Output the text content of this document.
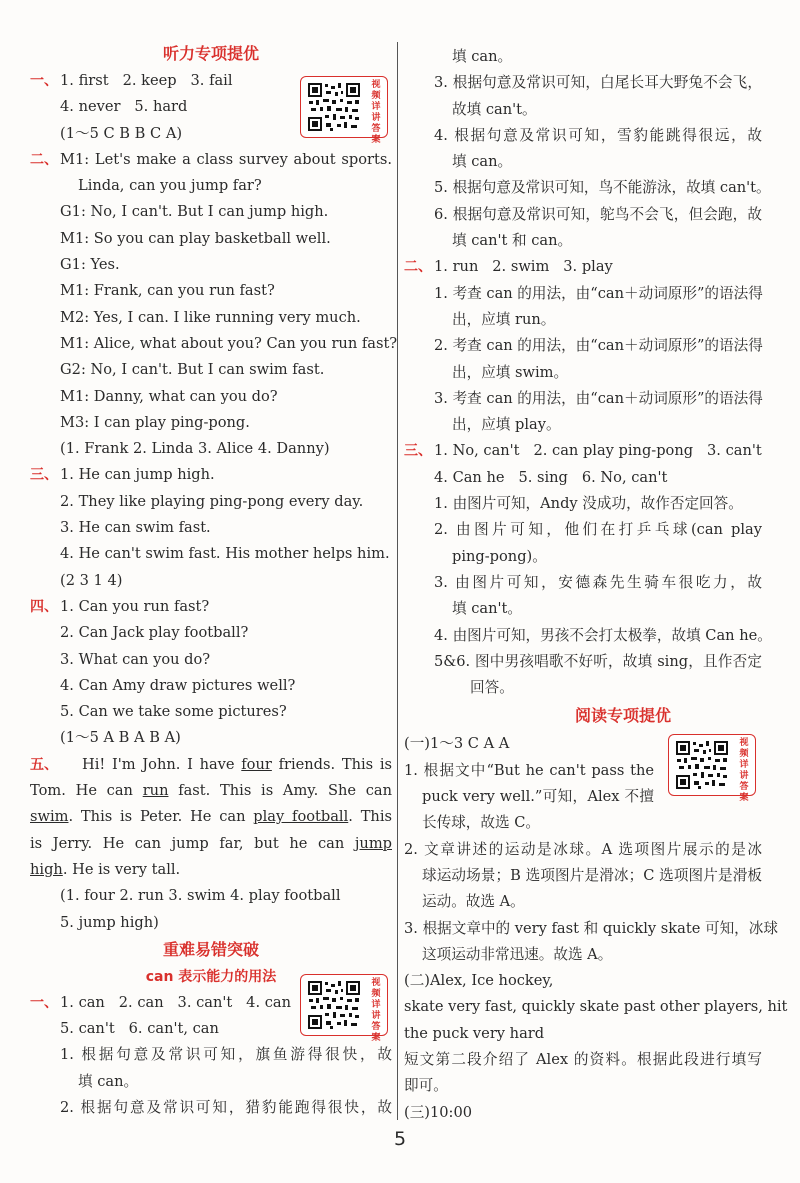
听力专项提优
视频详讲答案
一、 1. first 2. keep 3. fail
4. never 5. hard
(1～5 C B B C A)
二、 M1: Let's make a class survey about sports.
Linda, can you jump far?
G1: No, I can't. But I can jump high.
M1: So you can play basketball well.
G1: Yes.
M1: Frank, can you run fast?
M2: Yes, I can. I like running very much.
M1: Alice, what about you? Can you run fast?
G2: No, I can't. But I can swim fast.
M1: Danny, what can you do?
M3: I can play ping-pong.
(1. Frank 2. Linda 3. Alice 4. Danny)
三、 1. He can jump high.
2. They like playing ping-pong every day.
3. He can swim fast.
4. He can't swim fast. His mother helps him.
(2 3 1 4)
四、 1. Can you run fast?
2. Can Jack play football?
3. What can you do?
4. Can Amy draw pictures well?
5. Can we take some pictures?
(1～5 A B A B A)
五、 Hi! I'm John. I have four friends. This is
Tom. He can run fast. This is Amy. She can
swim. This is Peter. He can play football. This
is Jerry. He can jump far, but he can jump
high. He is very tall.
(1. four 2. run 3. swim 4. play football
5. jump high)
重难易错突破
can 表示能力的用法	视频详讲答案
一、 1. can 2. can 3. can't 4. can
5. can't 6. can't, can
1. 根据句意及常识可知，旗鱼游得很快，故
填 can。
2. 根据句意及常识可知，猎豹能跑得很快，故
填 can。
3. 根据句意及常识可知，白尾长耳大野兔不会飞，
故填 can't。
4. 根据句意及常识可知，雪豹能跳得很远，故
填 can。
5. 根据句意及常识可知，鸟不能游泳，故填 can't。
6. 根据句意及常识可知，鸵鸟不会飞，但会跑，故
填 can't 和 can。
二、 1. run 2. swim 3. play
1. 考查 can 的用法，由“can＋动词原形”的语法得
出，应填 run。
2. 考查 can 的用法，由“can＋动词原形”的语法得
出，应填 swim。
3. 考查 can 的用法，由“can＋动词原形”的语法得
出，应填 play。
三、 1. No, can't 2. can play ping-pong 3. can't
4. Can he 5. sing 6. No, can't
1. 由图片可知，Andy 没成功，故作否定回答。
2. 由图片可知，他们在打乒乓球(can play
ping-pong)。
3. 由图片可知，安德森先生骑车很吃力，故
填 can't。
4. 由图片可知，男孩不会打太极拳，故填 Can he。
5&6. 图中男孩唱歌不好听，故填 sing，且作否定
回答。
阅读专项提优
视频详讲答案
(一)1～3 C A A
1. 根据文中“But he can't pass the
puck very well.”可知，Alex 不擅
长传球，故选 C。
2. 文章讲述的运动是冰球。A 选项图片展示的是冰
球运动场景；B 选项图片是滑冰；C 选项图片是滑板
运动。故选 A。
3. 根据文章中的 very fast 和 quickly skate 可知，冰球
这项运动非常迅速。故选 A。
(二)Alex, Ice hockey,
skate very fast, quickly skate past other players, hit
the puck very hard
短文第二段介绍了 Alex 的资料。根据此段进行填写
即可。
(三)10:00
5
